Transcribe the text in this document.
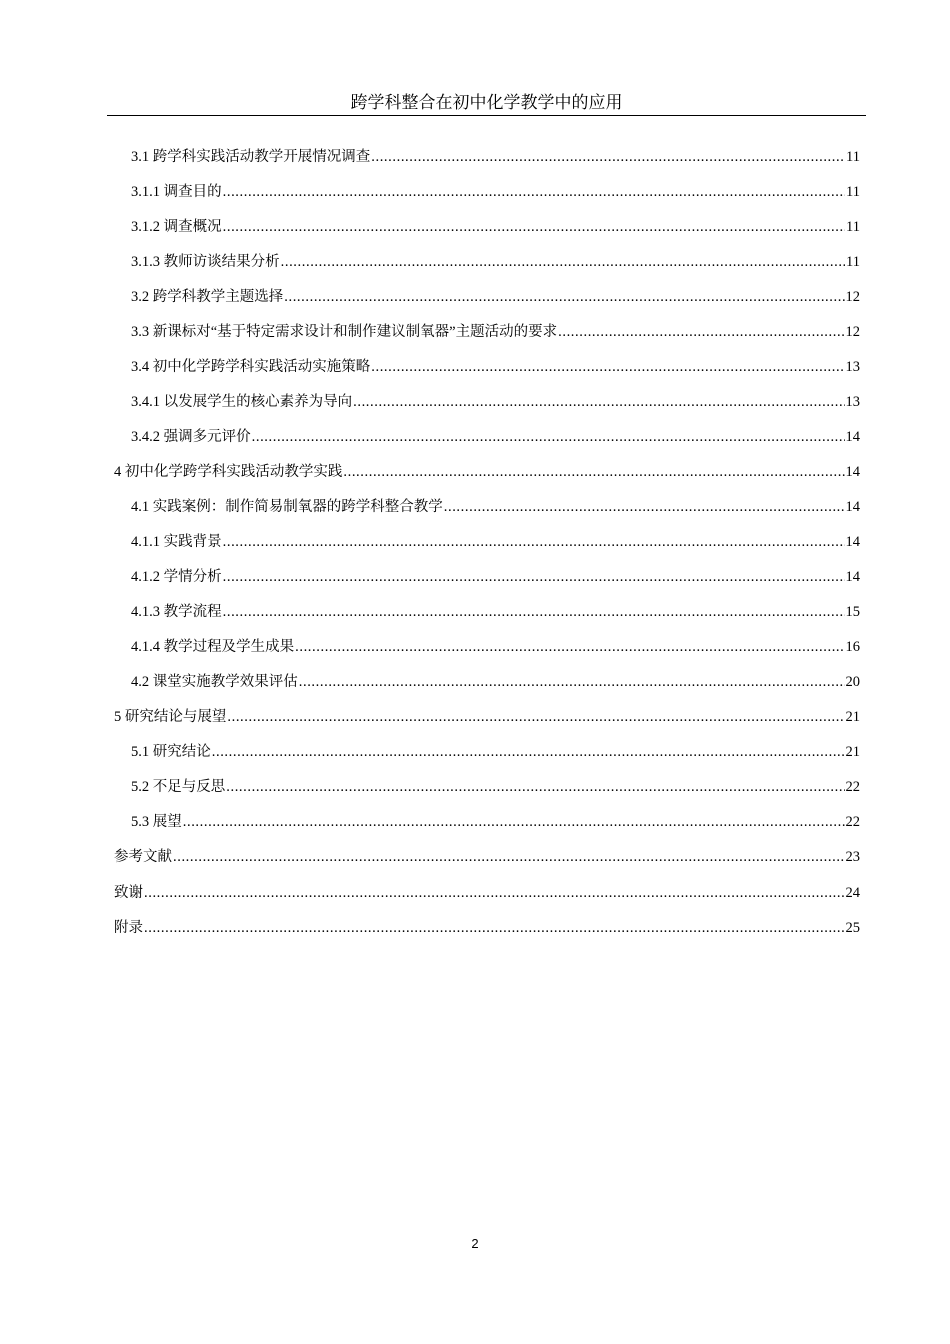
跨学科整合在初中化学教学中的应用
3.1 跨学科实践活动教学开展情况调查 .....	11
3.1.1 调查目的 .....	11
3.1.2 调查概况 .....	11
3.1.3 教师访谈结果分析 .....	11
3.2 跨学科教学主题选择 .....	12
3.3 新课标对“基于特定需求设计和制作建议制氧器”主题活动的要求 .....	12
3.4 初中化学跨学科实践活动实施策略 .....	13
3.4.1 以发展学生的核心素养为导向 .....	13
3.4.2 强调多元评价 .....	14
4 初中化学跨学科实践活动教学实践 .....	14
4.1 实践案例：制作简易制氧器的跨学科整合教学 .....	14
4.1.1 实践背景 .....	14
4.1.2 学情分析 .....	14
4.1.3 教学流程 .....	15
4.1.4 教学过程及学生成果 .....	16
4.2 课堂实施教学效果评估 .....	20
5 研究结论与展望 .....	21
5.1 研究结论 .....	21
5.2 不足与反思 .....	22
5.3 展望 .....	22
参考文献 .....	23
致谢 .....	24
附录 .....	25
2
